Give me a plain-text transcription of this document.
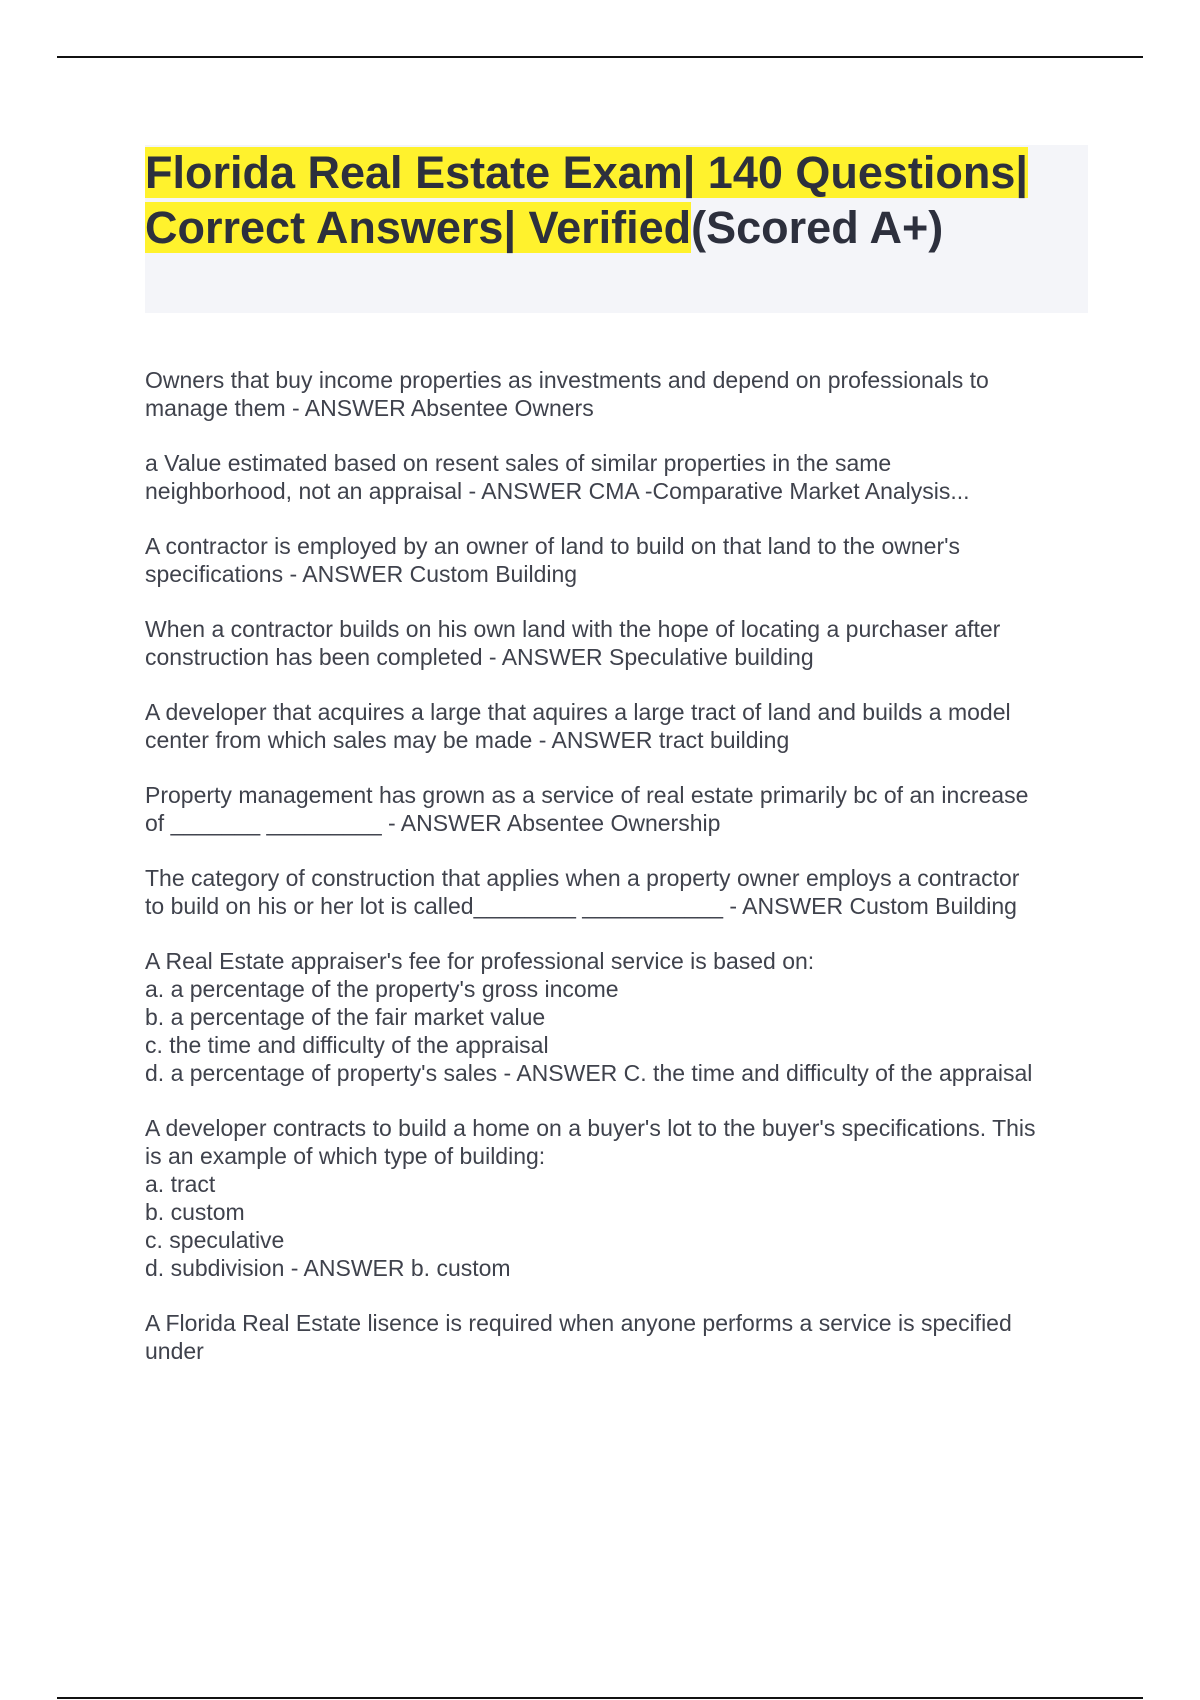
Florida Real Estate Exam| 140 Questions| Correct Answers| Verified(Scored A+)

Owners that buy income properties as investments and depend on professionals to
manage them - ANSWER Absentee Owners

a Value estimated based on resent sales of similar properties in the same
neighborhood, not an appraisal - ANSWER CMA -Comparative Market Analysis...

A contractor is employed by an owner of land to build on that land to the owner's
specifications - ANSWER Custom Building

When a contractor builds on his own land with the hope of locating a purchaser after
construction has been completed - ANSWER Speculative building

A developer that acquires a large that aquires a large tract of land and builds a model
center from which sales may be made - ANSWER tract building

Property management has grown as a service of real estate primarily bc of an increase
of _______ _________ - ANSWER Absentee Ownership

The category of construction that applies when a property owner employs a contractor
to build on his or her lot is called________ ___________ - ANSWER Custom Building

A Real Estate appraiser's fee for professional service is based on:
a. a percentage of the property's gross income
b. a percentage of the fair market value
c. the time and difficulty of the appraisal
d. a percentage of property's sales - ANSWER C. the time and difficulty of the appraisal

A developer contracts to build a home on a buyer's lot to the buyer's specifications. This
is an example of which type of building:
a. tract
b. custom
c. speculative
d. subdivision - ANSWER b. custom

A Florida Real Estate lisence is required when anyone performs a service is specified
under
